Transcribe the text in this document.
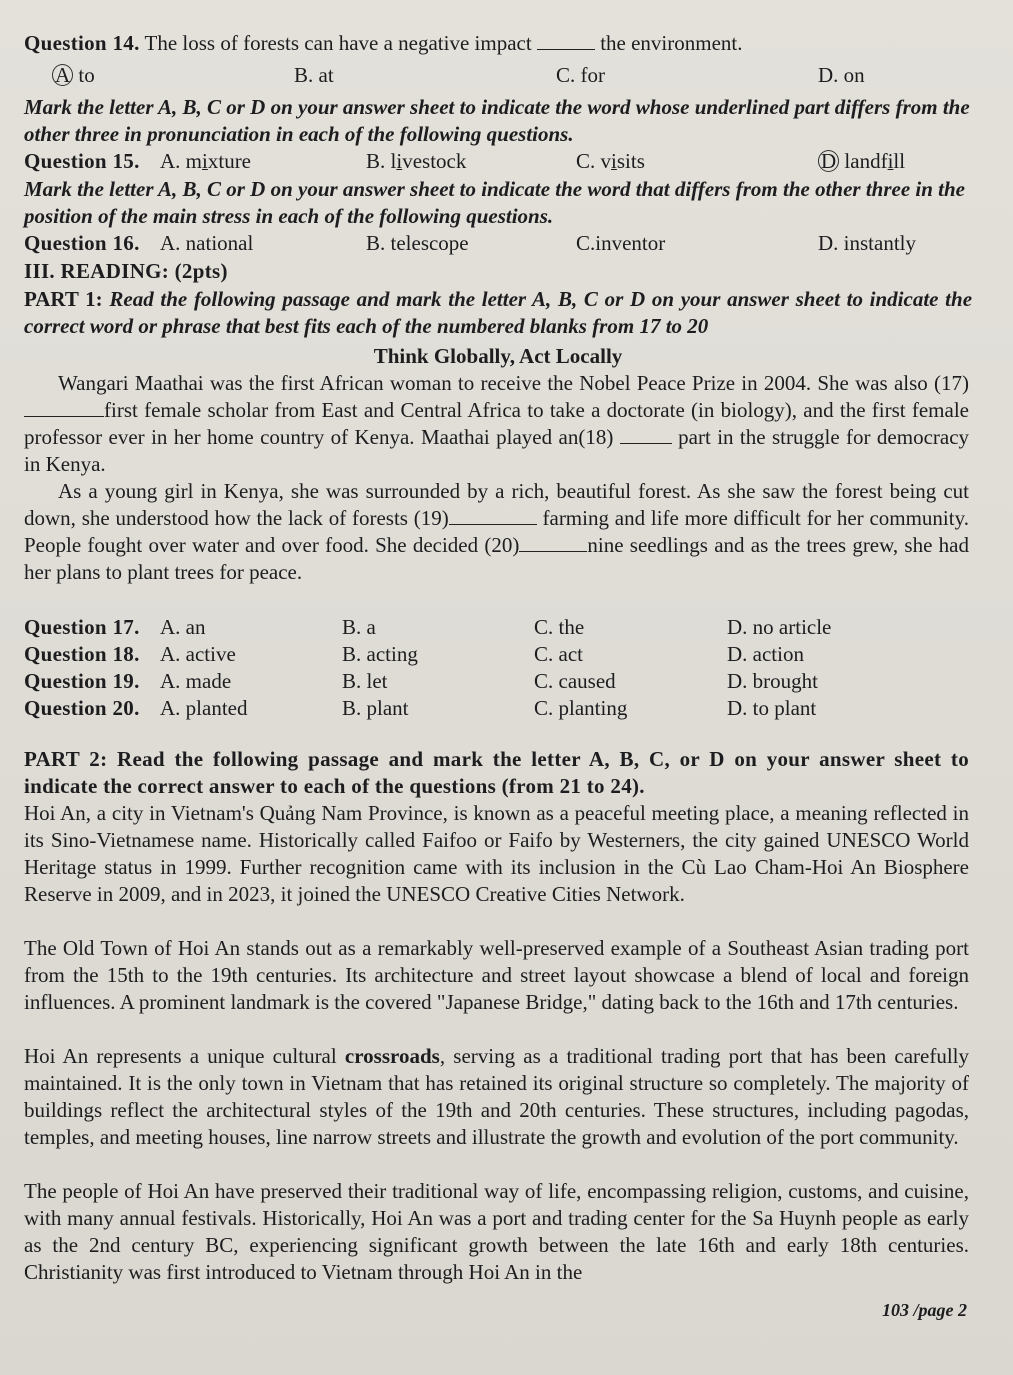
Question 14. The loss of forests can have a negative impact	the environment.
A to	B. at	C. for	D. on

Mark the letter A, B, C or D on your answer sheet to indicate the word whose underlined part differs from the other three in pronunciation in each of the following questions.

Question 15. A. mixture	B. livestock	C. visits	D landfill

Mark the letter A, B, C or D on your answer sheet to indicate the word that differs from the other three in the position of the main stress in each of the following questions.

Question 16. A. national	B. telescope	C.inventor	D. instantly

III. READING: (2pts)

PART 1: Read the following passage and mark the letter A, B, C or D on your answer sheet to indicate the correct word or phrase that best fits each of the numbered blanks from 17 to 20

Think Globally, Act Locally

Wangari Maathai was the first African woman to receive the Nobel Peace Prize in 2004. She was also (17)first female scholar from East and Central Africa to take a doctorate (in biology), and the first female professor ever in her home country of Kenya. Maathai played an(18)	part in the struggle for democracy in Kenya.

As a young girl in Kenya, she was surrounded by a rich, beautiful forest. As she saw the forest being cut down, she understood how the lack of forests (19)	farming and life more difficult for her community. People fought over water and over food. She decided (20)	nine seedlings and as the trees grew, she had her plans to plant trees for peace.

Question 17. A. an	B. a	C. the	D. no article
Question 18. A. active	B. acting	C. act	D. action
Question 19. A. made	B. let	C. caused	D. brought
Question 20. A. planted	B. plant	C. planting	D. to plant

PART 2: Read the following passage and mark the letter A, B, C, or D on your answer sheet to indicate the correct answer to each of the questions (from 21 to 24).

Hoi An, a city in Vietnam's Quảng Nam Province, is known as a peaceful meeting place, a meaning reflected in its Sino-Vietnamese name. Historically called Faifoo or Faifo by Westerners, the city gained UNESCO World Heritage status in 1999. Further recognition came with its inclusion in the Cù Lao Cham-Hoi An Biosphere Reserve in 2009, and in 2023, it joined the UNESCO Creative Cities Network.

The Old Town of Hoi An stands out as a remarkably well-preserved example of a Southeast Asian trading port from the 15th to the 19th centuries. Its architecture and street layout showcase a blend of local and foreign influences. A prominent landmark is the covered "Japanese Bridge," dating back to the 16th and 17th centuries.

Hoi An represents a unique cultural crossroads, serving as a traditional trading port that has been carefully maintained. It is the only town in Vietnam that has retained its original structure so completely. The majority of buildings reflect the architectural styles of the 19th and 20th centuries. These structures, including pagodas, temples, and meeting houses, line narrow streets and illustrate the growth and evolution of the port community.

The people of Hoi An have preserved their traditional way of life, encompassing religion, customs, and cuisine, with many annual festivals. Historically, Hoi An was a port and trading center for the Sa Huynh people as early as the 2nd century BC, experiencing significant growth between the late 16th and early 18th centuries. Christianity was first introduced to Vietnam through Hoi An in the

103 /page 2
